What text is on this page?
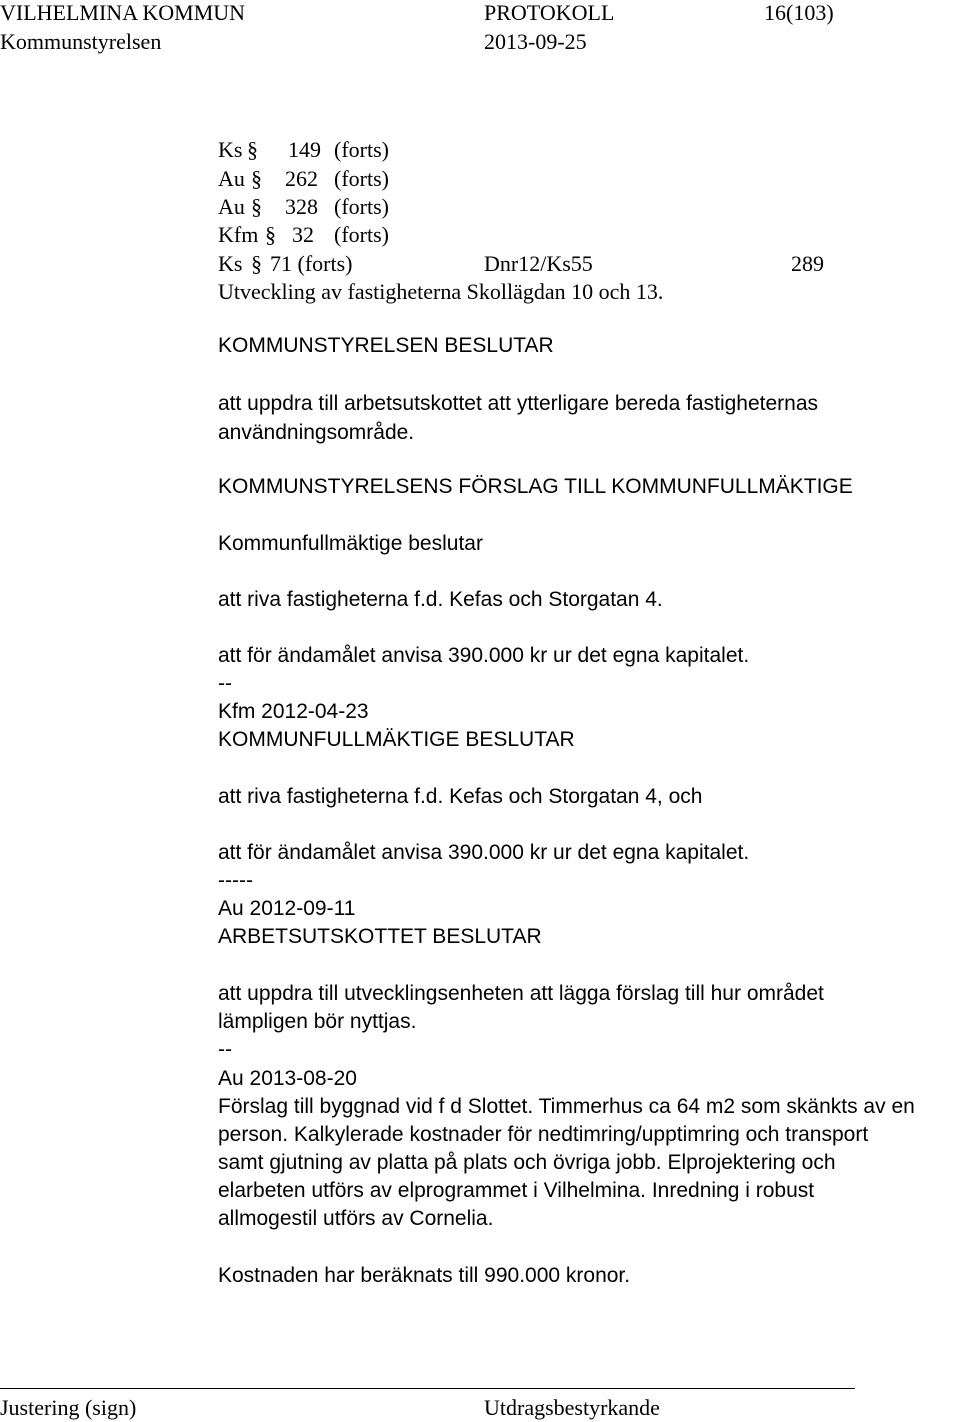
VILHELMINA KOMMUN	PROTOKOLL	16(103)
Kommunstyrelsen	2013-09-25
Ks § 149 (forts)
Au § 262 (forts)
Au § 328 (forts)
Kfm § 32 (forts)
Ks § 71 (forts)	Dnr12/Ks55	289
Utveckling av fastigheterna Skollägdan 10 och 13.
KOMMUNSTYRELSEN BESLUTAR
att uppdra till arbetsutskottet att ytterligare bereda fastigheternas
användningsområde.
KOMMUNSTYRELSENS FÖRSLAG TILL KOMMUNFULLMÄKTIGE
Kommunfullmäktige beslutar
att riva fastigheterna f.d. Kefas och Storgatan 4.
att för ändamålet anvisa 390.000 kr ur det egna kapitalet.
--
Kfm 2012-04-23
KOMMUNFULLMÄKTIGE BESLUTAR
att riva fastigheterna f.d. Kefas och Storgatan 4, och
att för ändamålet anvisa 390.000 kr ur det egna kapitalet.
-----
Au 2012-09-11
ARBETSUTSKOTTET BESLUTAR
att uppdra till utvecklingsenheten att lägga förslag till hur området
lämpligen bör nyttjas.
--
Au 2013-08-20
Förslag till byggnad vid f d Slottet. Timmerhus ca 64 m2 som skänkts av en
person. Kalkylerade kostnader för nedtimring/upptimring och transport
samt gjutning av platta på plats och övriga jobb. Elprojektering och
elarbeten utförs av elprogrammet i Vilhelmina. Inredning i robust
allmogestil utförs av Cornelia.
Kostnaden har beräknats till 990.000 kronor.
Justering (sign)	Utdragsbestyrkande
